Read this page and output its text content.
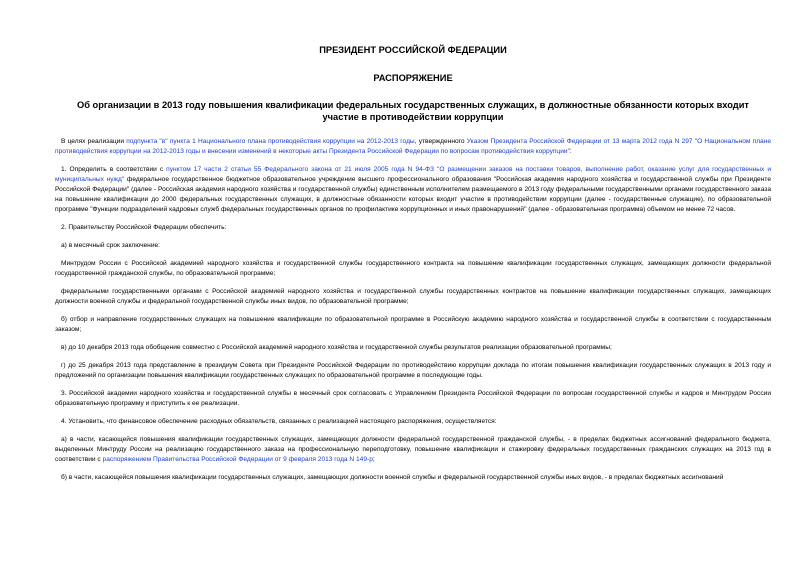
ПРЕЗИДЕНТ РОССИЙСКОЙ ФЕДЕРАЦИИ
РАСПОРЯЖЕНИЕ
Об организации в 2013 году повышения квалификации федеральных государственных служащих, в должностные обязанности которых входит участие в противодействии коррупции

В целях реализации подпункта "в" пункта 1 Национального плана противодействия коррупции на 2012-2013 годы, утвержденного Указом Президента Российской Федерации от 13 марта 2012 года N 297 "О Национальном плане противодействия коррупции на 2012-2013 годы и внесении изменений в некоторые акты Президента Российской Федерации по вопросам противодействия коррупции":

1. Определить в соответствии с пунктом 17 части 2 статьи 55 Федерального закона от 21 июля 2005 года N 94-ФЗ "О размещении заказов на поставки товаров, выполнение работ, оказание услуг для государственных и муниципальных нужд" федеральное государственное бюджетное образовательное учреждение высшего профессионального образования "Российская академия народного хозяйства и государственной службы при Президенте Российской Федерации" (далее - Российская академия народного хозяйства и государственной службы) единственным исполнителем размещаемого в 2013 году федеральными государственными органами государственного заказа на повышение квалификации до 2000 федеральных государственных служащих, в должностные обязанности которых входит участие в противодействии коррупции (далее - государственные служащие), по образовательной программе "Функции подразделений кадровых служб федеральных государственных органов по профилактике коррупционных и иных правонарушений" (далее - образовательная программа) объемом не менее 72 часов.

2. Правительству Российской Федерации обеспечить:

а) в месячный срок заключение:

Минтрудом России с Российской академией народного хозяйства и государственной службы государственного контракта на повышение квалификации государственных служащих, замещающих должности федеральной государственной гражданской службы, по образовательной программе;

федеральными государственными органами с Российской академией народного хозяйства и государственной службы государственных контрактов на повышение квалификации государственных служащих, замещающих должности военной службы и федеральной государственной службы иных видов, по образовательной программе;

б) отбор и направление государственных служащих на повышение квалификации по образовательной программе в Российскую академию народного хозяйства и государственной службы в соответствии с государственным заказом;

в) до 10 декабря 2013 года обобщение совместно с Российской академией народного хозяйства и государственной службы результатов реализации образовательной программы;

г) до 25 декабря 2013 года представление в президиум Совета при Президенте Российской Федерации по противодействию коррупции доклада по итогам повышения квалификации государственных служащих в 2013 году и предложений по организации повышения квалификации государственных служащих по образовательной программе в последующие годы.

3. Российской академии народного хозяйства и государственной службы в месячный срок согласовать с Управлением Президента Российской Федерации по вопросам государственной службы и кадров и Минтрудом России образовательную программу и приступить к ее реализации.

4. Установить, что финансовое обеспечение расходных обязательств, связанных с реализацией настоящего распоряжения, осуществляется:

а) в части, касающейся повышения квалификации государственных служащих, замещающих должности федеральной государственной гражданской службы, - в пределах бюджетных ассигнований федерального бюджета, выделенных Минтруду России на реализацию государственного заказа на профессиональную переподготовку, повышение квалификации и стажировку федеральных государственных гражданских служащих на 2013 год в соответствии с распоряжением Правительства Российской Федерации от 9 февраля 2013 года N 149-р;

б) в части, касающейся повышения квалификации государственных служащих, замещающих должности военной службы и федеральной государственной службы иных видов, - в пределах бюджетных ассигнований
